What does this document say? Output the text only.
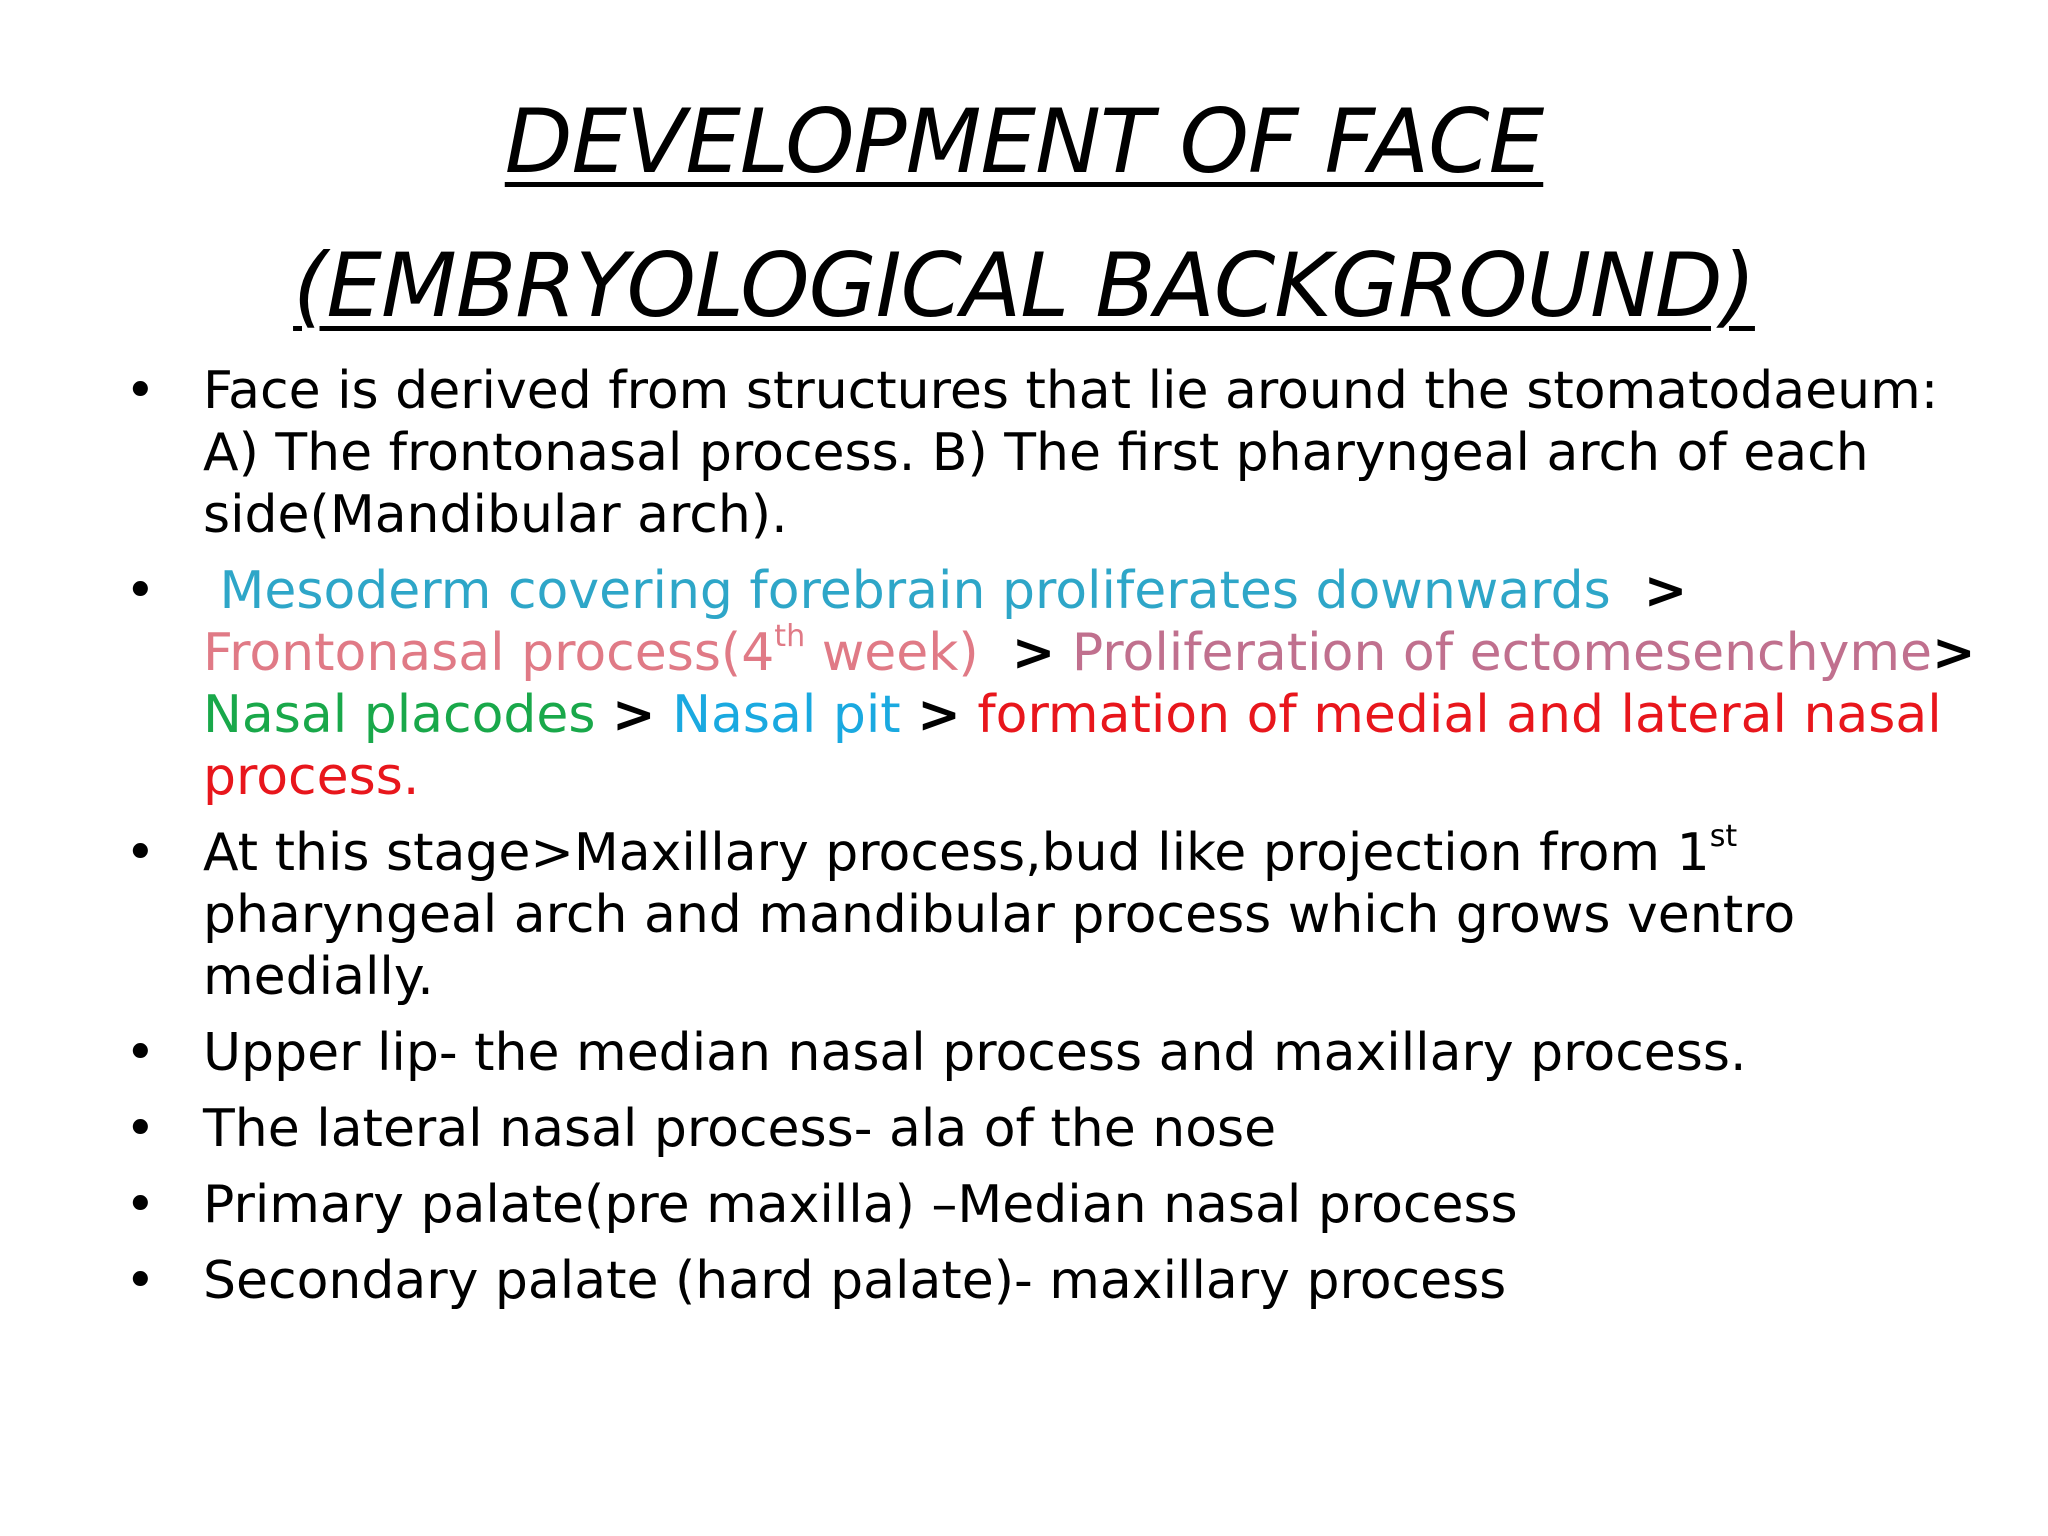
DEVELOPMENT OF FACE
(EMBRYOLOGICAL BACKGROUND)
• Face is derived from structures that lie around the stomatodaeum:
A) The frontonasal process. B) The first pharyngeal arch of each
side(Mandibular arch).
• Mesoderm covering forebrain proliferates downwards >
Frontonasal process(4th week) > Proliferation of ectomesenchyme>
Nasal placodes > Nasal pit > formation of medial and lateral nasal
process.
• At this stage>Maxillary process,bud like projection from 1st
pharyngeal arch and mandibular process which grows ventro
medially.
• Upper lip- the median nasal process and maxillary process.
• The lateral nasal process- ala of the nose
• Primary palate(pre maxilla) –Median nasal process
• Secondary palate (hard palate)- maxillary process
